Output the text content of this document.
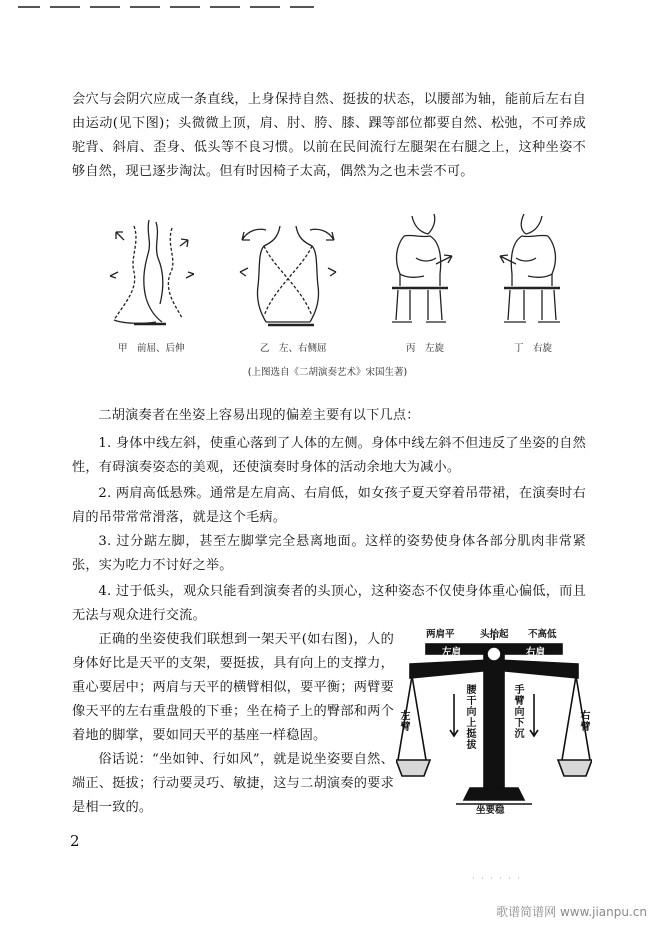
会穴与会阴穴应成一条直线，上身保持自然、挺拔的状态，以腰部为轴，能前后左右自由运动(见下图)；头微微上顶，肩、肘、胯、膝、踝等部位都要自然、松弛，不可养成驼背、斜肩、歪身、低头等不良习惯。以前在民间流行左腿架在右腿之上，这种坐姿不够自然，现已逐步淘汰。但有时因椅子太高，偶然为之也未尝不可。

甲　前屈、后伸	乙　左、右侧屈	丙　左旋	丁　右旋
(上图选自《二胡演奏艺术》宋国生著)

二胡演奏者在坐姿上容易出现的偏差主要有以下几点：

1. 身体中线左斜，使重心落到了人体的左侧。身体中线左斜不但违反了坐姿的自然性，有碍演奏姿态的美观，还使演奏时身体的活动余地大为减小。

2. 两肩高低悬殊。通常是左肩高、右肩低，如女孩子夏天穿着吊带裙，在演奏时右肩的吊带常常滑落，就是这个毛病。

3. 过分踮左脚，甚至左脚掌完全悬离地面。这样的姿势使身体各部分肌肉非常紧张，实为吃力不讨好之举。

4. 过于低头，观众只能看到演奏者的头顶心，这种姿态不仅使身体重心偏低，而且无法与观众进行交流。

正确的坐姿使我们联想到一架天平(如右图)，人的身体好比是天平的支架，要挺拔，具有向上的支撑力，重心要居中；两肩与天平的横臂相似，要平衡；两臂要像天平的左右重盘般的下垂；坐在椅子上的臀部和两个着地的脚掌，要如同天平的基座一样稳固。

俗话说：“坐如钟、行如风”，就是说坐姿要自然、端正、挺拔；行动要灵巧、敏捷，这与二胡演奏的要求是相一致的。

两肩平	头抬起 不高低
左肩	右肩
左臂	右臂
腰干向上挺拔	手臂向下沉
坐要稳
2
· · · · · ·
歌谱简谱网 www.jianpu.cn
